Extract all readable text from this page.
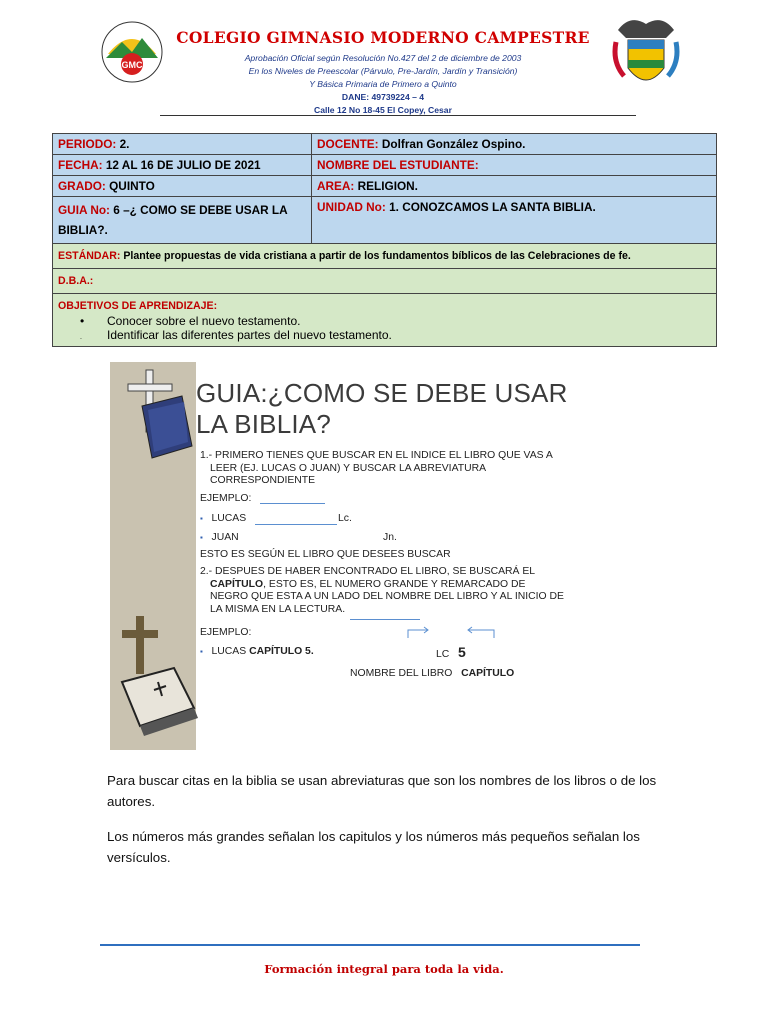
GMC
COLEGIO GIMNASIO MODERNO CAMPESTRE
Aprobación Oficial según Resolución No.427 del 2 de diciembre de 2003
En los Niveles de Preescolar (Párvulo, Pre-Jardín, Jardín y Transición)
Y Básica Primaria de Primero a Quinto
DANE: 49739224 – 4
Calle 12 No 18-45 El Copey, Cesar
PERIODO: 2.	DOCENTE: Dolfran González Ospino.
FECHA: 12 AL 16 DE JULIO DE 2021	NOMBRE DEL ESTUDIANTE:
GRADO: QUINTO	AREA: RELIGION.
GUIA No: 6 –¿ COMO SE DEBE USAR LA BIBLIA?.	UNIDAD No: 1. CONOZCAMOS LA SANTA BIBLIA.
ESTÁNDAR: Plantee propuestas de vida cristiana a partir de los fundamentos bíblicos de las Celebraciones de fe.	
D.B.A.:	

OBJETIVOS DE APRENDIZAJE:
• Conocer sobre el nuevo testamento.
. Identificar las diferentes partes del nuevo testamento.	
GUIA:¿COMO SE DEBE USAR
LA BIBLIA?
1.- PRIMERO TIENES QUE BUSCAR EN EL INDICE EL LIBRO QUE VAS A
LEER (EJ. LUCAS O JUAN) Y BUSCAR LA ABREVIATURA
CORRESPONDIENTE
EJEMPLO:
▪ LUCAS	Lc.
▪ JUAN	Jn.
ESTO ES SEGÚN EL LIBRO QUE DESEES BUSCAR
2.- DESPUES DE HABER ENCONTRADO EL LIBRO, SE BUSCARÁ EL
CAPÍTULO, ESTO ES, EL NUMERO GRANDE Y REMARCADO DE
NEGRO QUE ESTA A UN LADO DEL NOMBRE DEL LIBRO Y AL INICIO DE
LA MISMA EN LA LECTURA.
EJEMPLO:
▪ LUCAS CAPÍTULO 5.	LC 5
NOMBRE DEL LIBRO CAPÍTULO
Para buscar citas en la biblia se usan abreviaturas que son los nombres de los libros o de los autores.
Los números más grandes señalan los capitulos y los números más pequeños señalan los versículos.
Formación integral para toda la vida.
